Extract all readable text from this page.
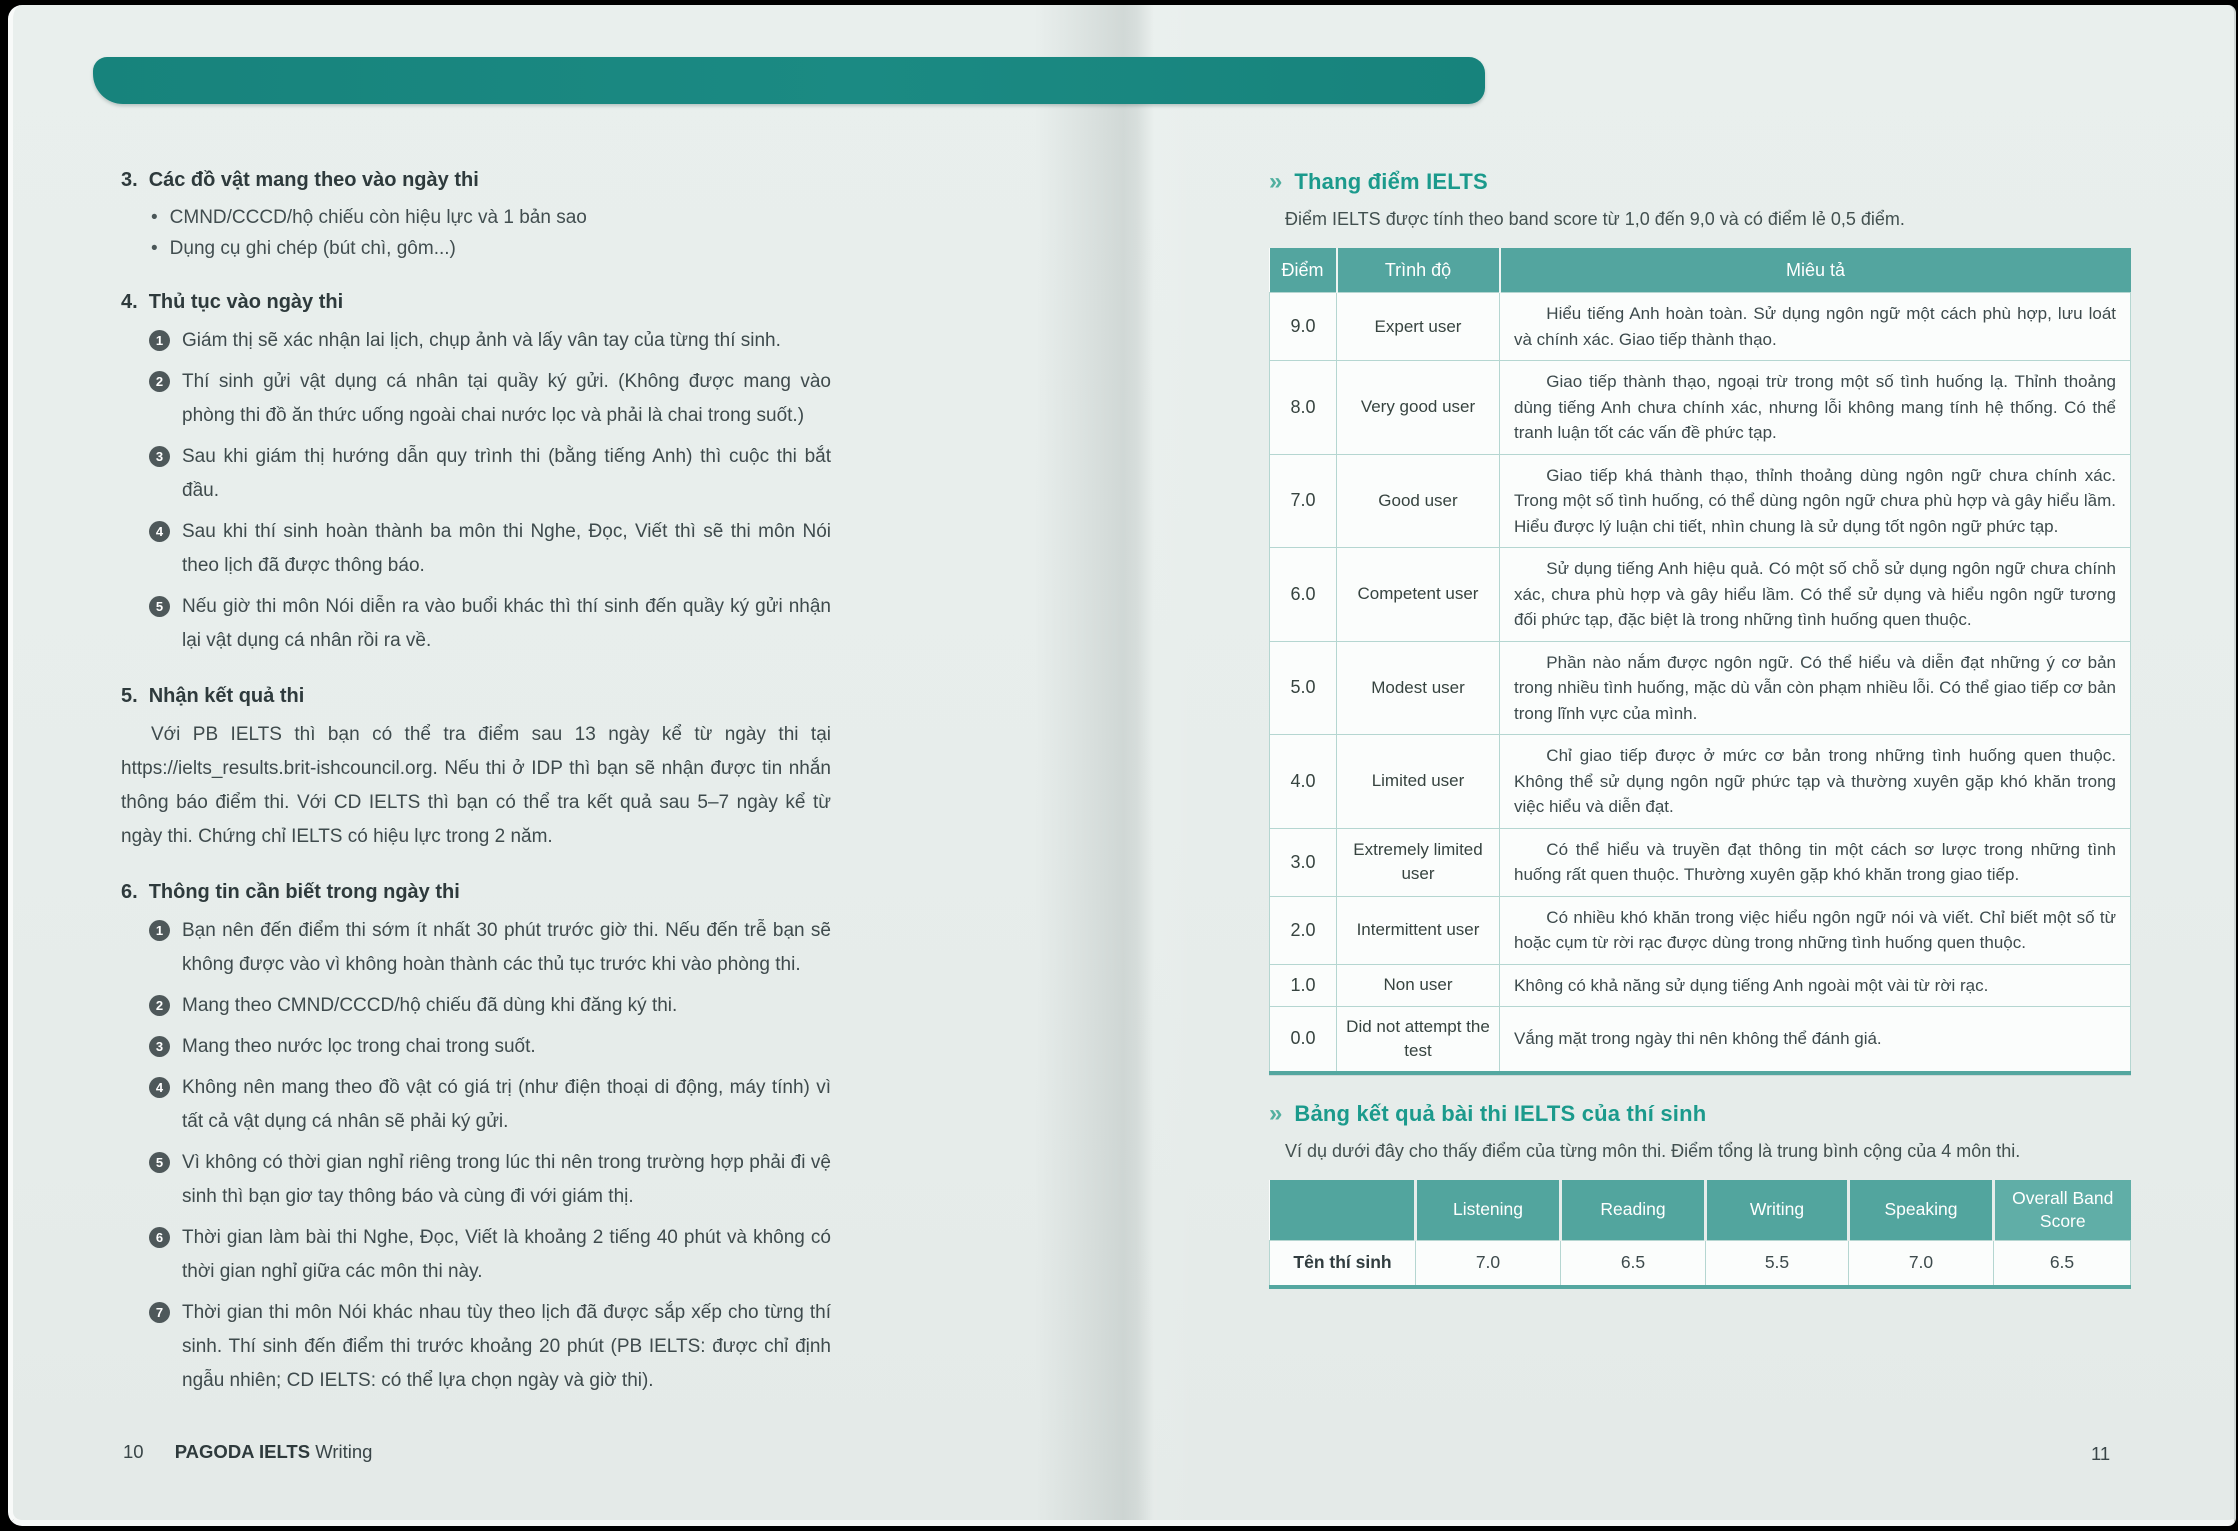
3. Các đồ vật mang theo vào ngày thi
• CMND/CCCD/hộ chiếu còn hiệu lực và 1 bản sao
• Dụng cụ ghi chép (bút chì, gôm...)
4. Thủ tục vào ngày thi
1 Giám thị sẽ xác nhận lai lịch, chụp ảnh và lấy vân tay của từng thí sinh.
2 Thí sinh gửi vật dụng cá nhân tại quầy ký gửi. (Không được mang vào phòng thi đồ ăn thức uống ngoài chai nước lọc và phải là chai trong suốt.)
3 Sau khi giám thị hướng dẫn quy trình thi (bằng tiếng Anh) thì cuộc thi bắt đầu.
4 Sau khi thí sinh hoàn thành ba môn thi Nghe, Đọc, Viết thì sẽ thi môn Nói theo lịch đã được thông báo.
5 Nếu giờ thi môn Nói diễn ra vào buổi khác thì thí sinh đến quầy ký gửi nhận lại vật dụng cá nhân rồi ra về.
5. Nhận kết quả thi

Với PB IELTS thì bạn có thể tra điểm sau 13 ngày kể từ ngày thi tại https://ielts_results.brit-ishcouncil.org. Nếu thi ở IDP thì bạn sẽ nhận được tin nhắn thông báo điểm thi. Với CD IELTS thì bạn có thể tra kết quả sau 5–7 ngày kể từ ngày thi. Chứng chỉ IELTS có hiệu lực trong 2 năm.

6. Thông tin cần biết trong ngày thi
1 Bạn nên đến điểm thi sớm ít nhất 30 phút trước giờ thi. Nếu đến trễ bạn sẽ không được vào vì không hoàn thành các thủ tục trước khi vào phòng thi.
2 Mang theo CMND/CCCD/hộ chiếu đã dùng khi đăng ký thi.
3 Mang theo nước lọc trong chai trong suốt.
4 Không nên mang theo đồ vật có giá trị (như điện thoại di động, máy tính) vì tất cả vật dụng cá nhân sẽ phải ký gửi.
5 Vì không có thời gian nghỉ riêng trong lúc thi nên trong trường hợp phải đi vệ sinh thì bạn giơ tay thông báo và cùng đi với giám thị.
6 Thời gian làm bài thi Nghe, Đọc, Viết là khoảng 2 tiếng 40 phút và không có thời gian nghỉ giữa các môn thi này.
7 Thời gian thi môn Nói khác nhau tùy theo lịch đã được sắp xếp cho từng thí sinh. Thí sinh đến điểm thi trước khoảng 20 phút (PB IELTS: được chỉ định ngẫu nhiên; CD IELTS: có thể lựa chọn ngày và giờ thi).
» Thang điểm IELTS

Điểm IELTS được tính theo band score từ 1,0 đến 9,0 và có điểm lẻ 0,5 điểm.

Điểm	Trình độ	Miêu tả
9.0	Expert user	Hiểu tiếng Anh hoàn toàn. Sử dụng ngôn ngữ một cách phù hợp, lưu loát và chính xác. Giao tiếp thành thạo.
8.0	Very good user	Giao tiếp thành thạo, ngoại trừ trong một số tình huống lạ. Thỉnh thoảng dùng tiếng Anh chưa chính xác, nhưng lỗi không mang tính hệ thống. Có thể tranh luận tốt các vấn đề phức tạp.
7.0	Good user	Giao tiếp khá thành thạo, thỉnh thoảng dùng ngôn ngữ chưa chính xác. Trong một số tình huống, có thể dùng ngôn ngữ chưa phù hợp và gây hiểu lầm. Hiểu được lý luận chi tiết, nhìn chung là sử dụng tốt ngôn ngữ phức tạp.
6.0	Competent user	Sử dụng tiếng Anh hiệu quả. Có một số chỗ sử dụng ngôn ngữ chưa chính xác, chưa phù hợp và gây hiểu lầm. Có thể sử dụng và hiểu ngôn ngữ tương đối phức tạp, đặc biệt là trong những tình huống quen thuộc.
5.0	Modest user	Phần nào nắm được ngôn ngữ. Có thể hiểu và diễn đạt những ý cơ bản trong nhiều tình huống, mặc dù vẫn còn phạm nhiều lỗi. Có thể giao tiếp cơ bản trong lĩnh vực của mình.
4.0	Limited user	Chỉ giao tiếp được ở mức cơ bản trong những tình huống quen thuộc. Không thể sử dụng ngôn ngữ phức tạp và thường xuyên gặp khó khăn trong việc hiểu và diễn đạt.
3.0	Extremely limited user	Có thể hiểu và truyền đạt thông tin một cách sơ lược trong những tình huống rất quen thuộc. Thường xuyên gặp khó khăn trong giao tiếp.
2.0	Intermittent user	Có nhiều khó khăn trong việc hiểu ngôn ngữ nói và viết. Chỉ biết một số từ hoặc cụm từ rời rạc được dùng trong những tình huống quen thuộc.
1.0	Non user	Không có khả năng sử dụng tiếng Anh ngoài một vài từ rời rạc.
0.0	Did not attempt the test	Vắng mặt trong ngày thi nên không thể đánh giá.
» Bảng kết quả bài thi IELTS của thí sinh

Ví dụ dưới đây cho thấy điểm của từng môn thi. Điểm tổng là trung bình cộng của 4 môn thi.

	Listening	Reading	Writing	Speaking	Overall Band Score
Tên thí sinh	7.0	6.5	5.5	7.0	6.5
10 PAGODA IELTS Writing	11
